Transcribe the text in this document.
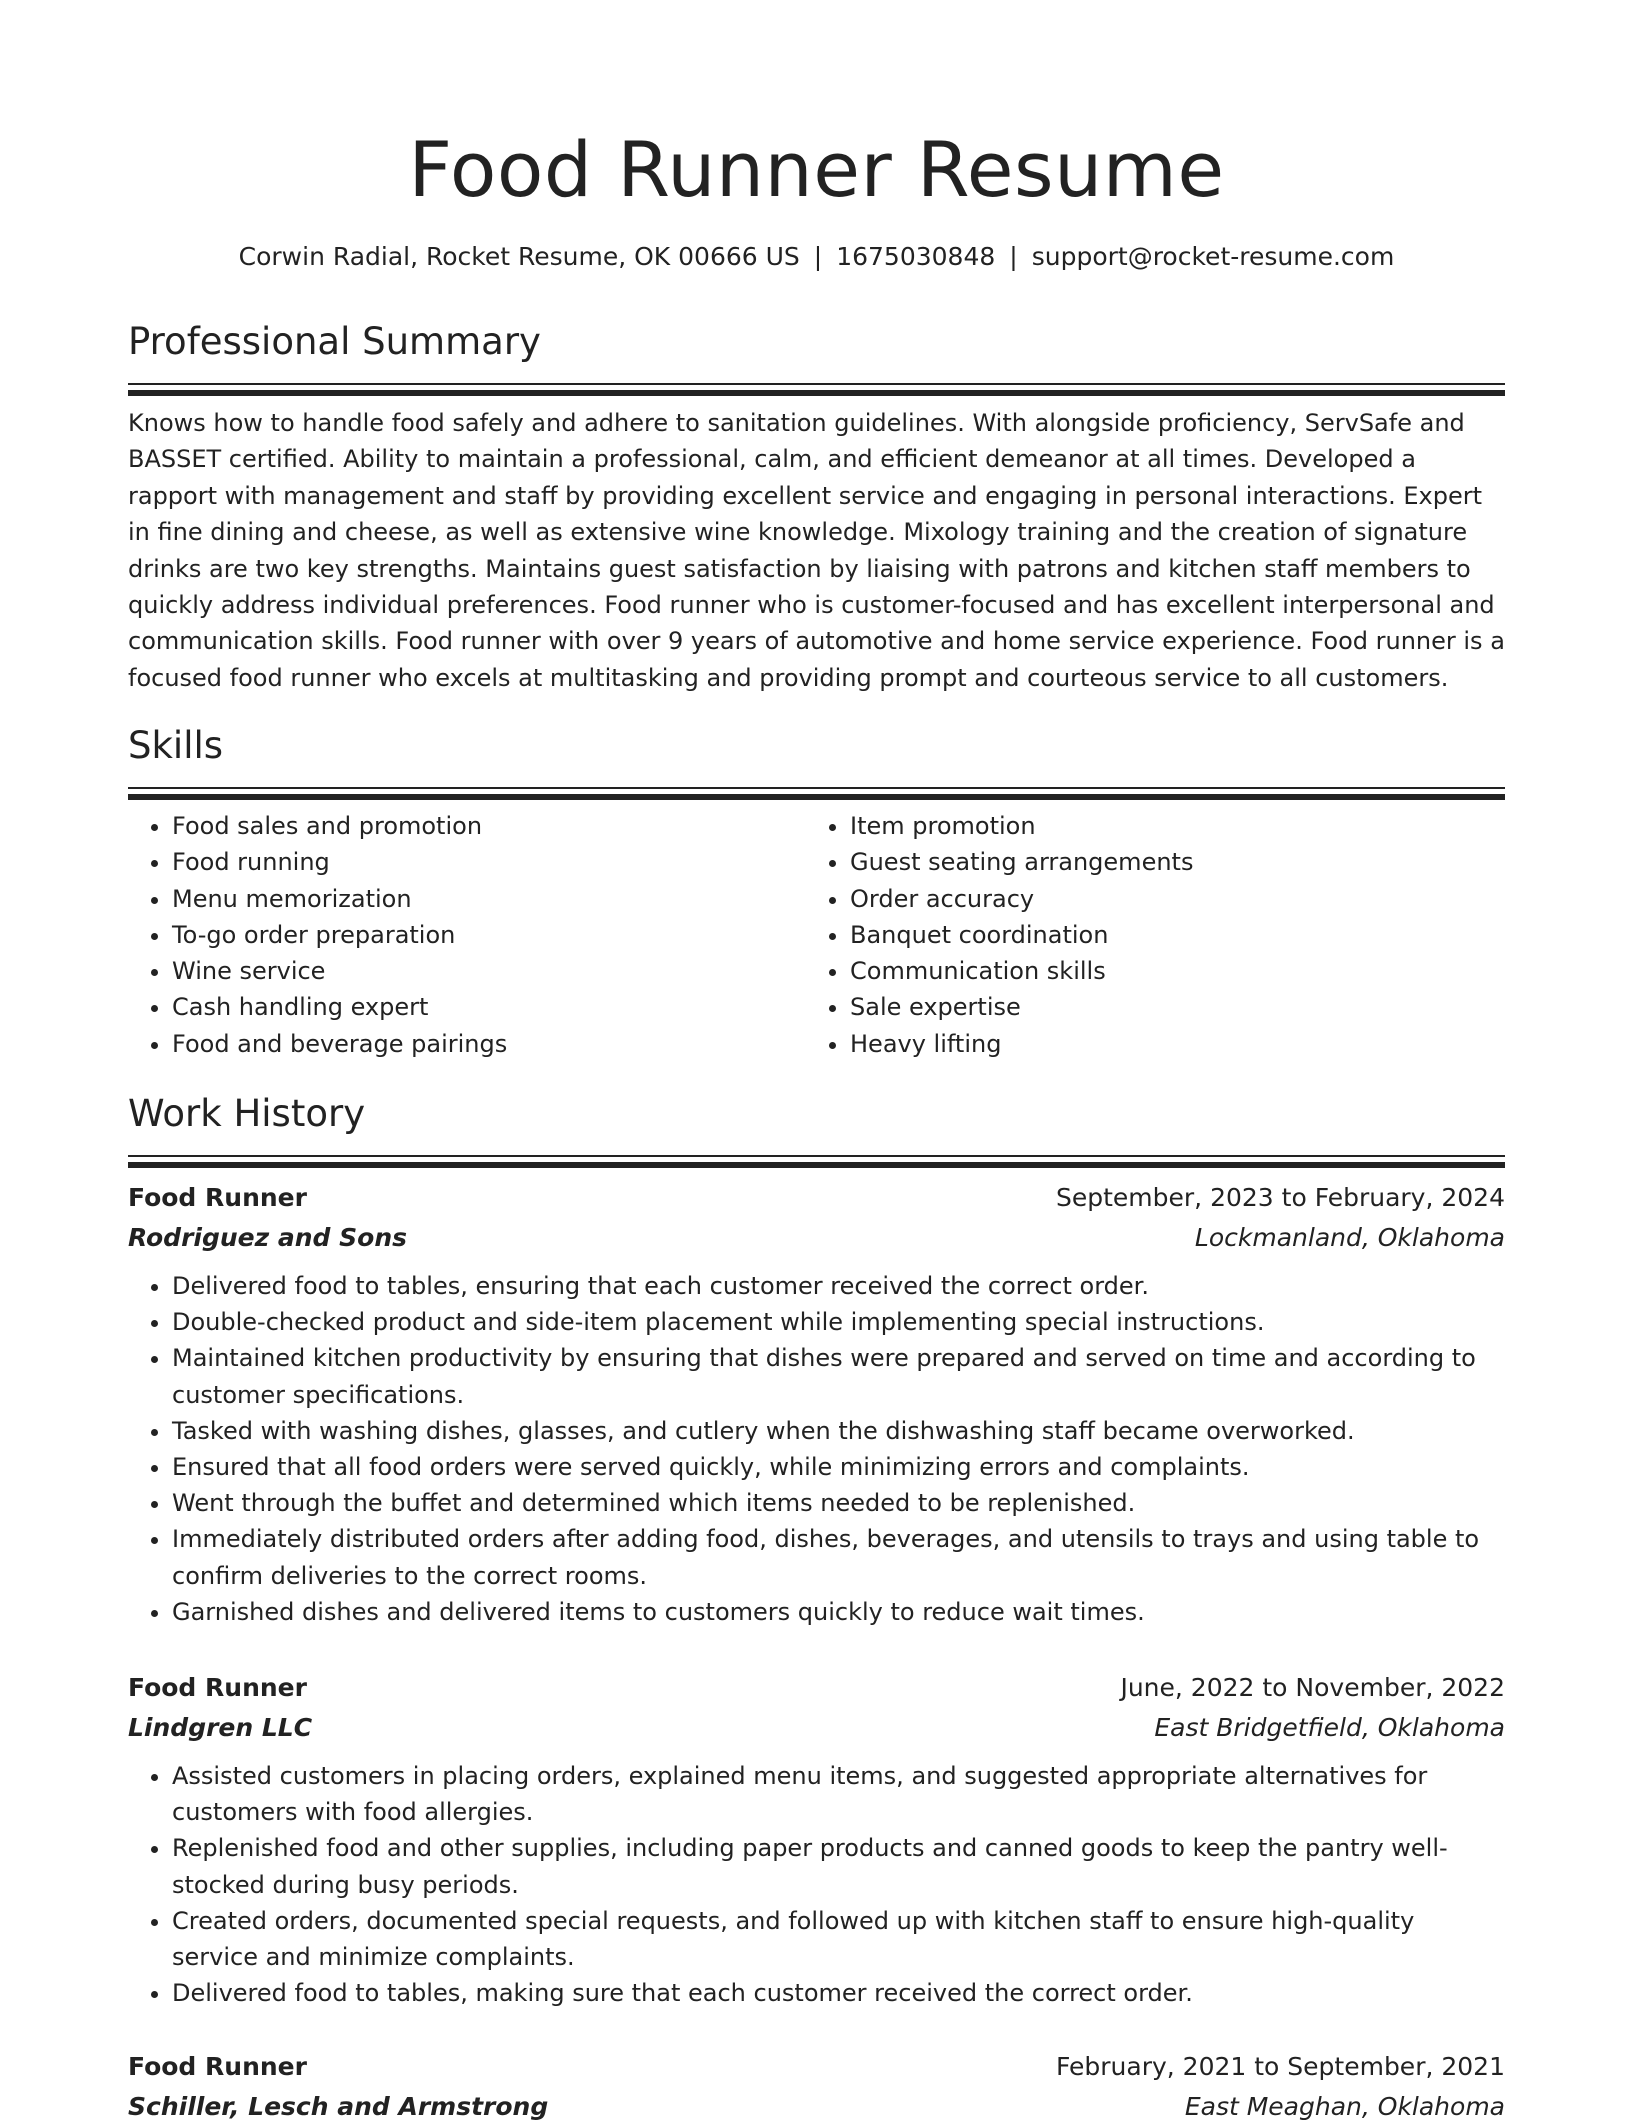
Food Runner Resume
Corwin Radial, Rocket Resume, OK 00666 US | 1675030848 | support@rocket-resume.com
Professional Summary

Knows how to handle food safely and adhere to sanitation guidelines. With alongside proficiency, ServSafe and BASSET certified. Ability to maintain a professional, calm, and efficient demeanor at all times. Developed a rapport with management and staff by providing excellent service and engaging in personal interactions. Expert in fine dining and cheese, as well as extensive wine knowledge. Mixology training and the creation of signature drinks are two key strengths. Maintains guest satisfaction by liaising with patrons and kitchen staff members to quickly address individual preferences. Food runner who is customer-focused and has excellent interpersonal and communication skills. Food runner with over 9 years of automotive and home service experience. Food runner is a focused food runner who excels at multitasking and providing prompt and courteous service to all customers.

Skills
• Food sales and promotion
• Food running
• Menu memorization
• To-go order preparation
• Wine service
• Cash handling expert
• Food and beverage pairings
• Item promotion
• Guest seating arrangements
• Order accuracy
• Banquet coordination
• Communication skills
• Sale expertise
• Heavy lifting
Work History
Food Runner	September, 2023 to February, 2024
Rodriguez and Sons	Lockmanland, Oklahoma
• Delivered food to tables, ensuring that each customer received the correct order.
• Double-checked product and side-item placement while implementing special instructions.
• Maintained kitchen productivity by ensuring that dishes were prepared and served on time and according to customer specifications.
• Tasked with washing dishes, glasses, and cutlery when the dishwashing staff became overworked.
• Ensured that all food orders were served quickly, while minimizing errors and complaints.
• Went through the buffet and determined which items needed to be replenished.
• Immediately distributed orders after adding food, dishes, beverages, and utensils to trays and using table to confirm deliveries to the correct rooms.
• Garnished dishes and delivered items to customers quickly to reduce wait times.
Food Runner	June, 2022 to November, 2022
Lindgren LLC	East Bridgetfield, Oklahoma
• Assisted customers in placing orders, explained menu items, and suggested appropriate alternatives for customers with food allergies.
• Replenished food and other supplies, including paper products and canned goods to keep the pantry well-stocked during busy periods.
• Created orders, documented special requests, and followed up with kitchen staff to ensure high-quality service and minimize complaints.
• Delivered food to tables, making sure that each customer received the correct order.
Food Runner	February, 2021 to September, 2021
Schiller, Lesch and Armstrong	East Meaghan, Oklahoma
